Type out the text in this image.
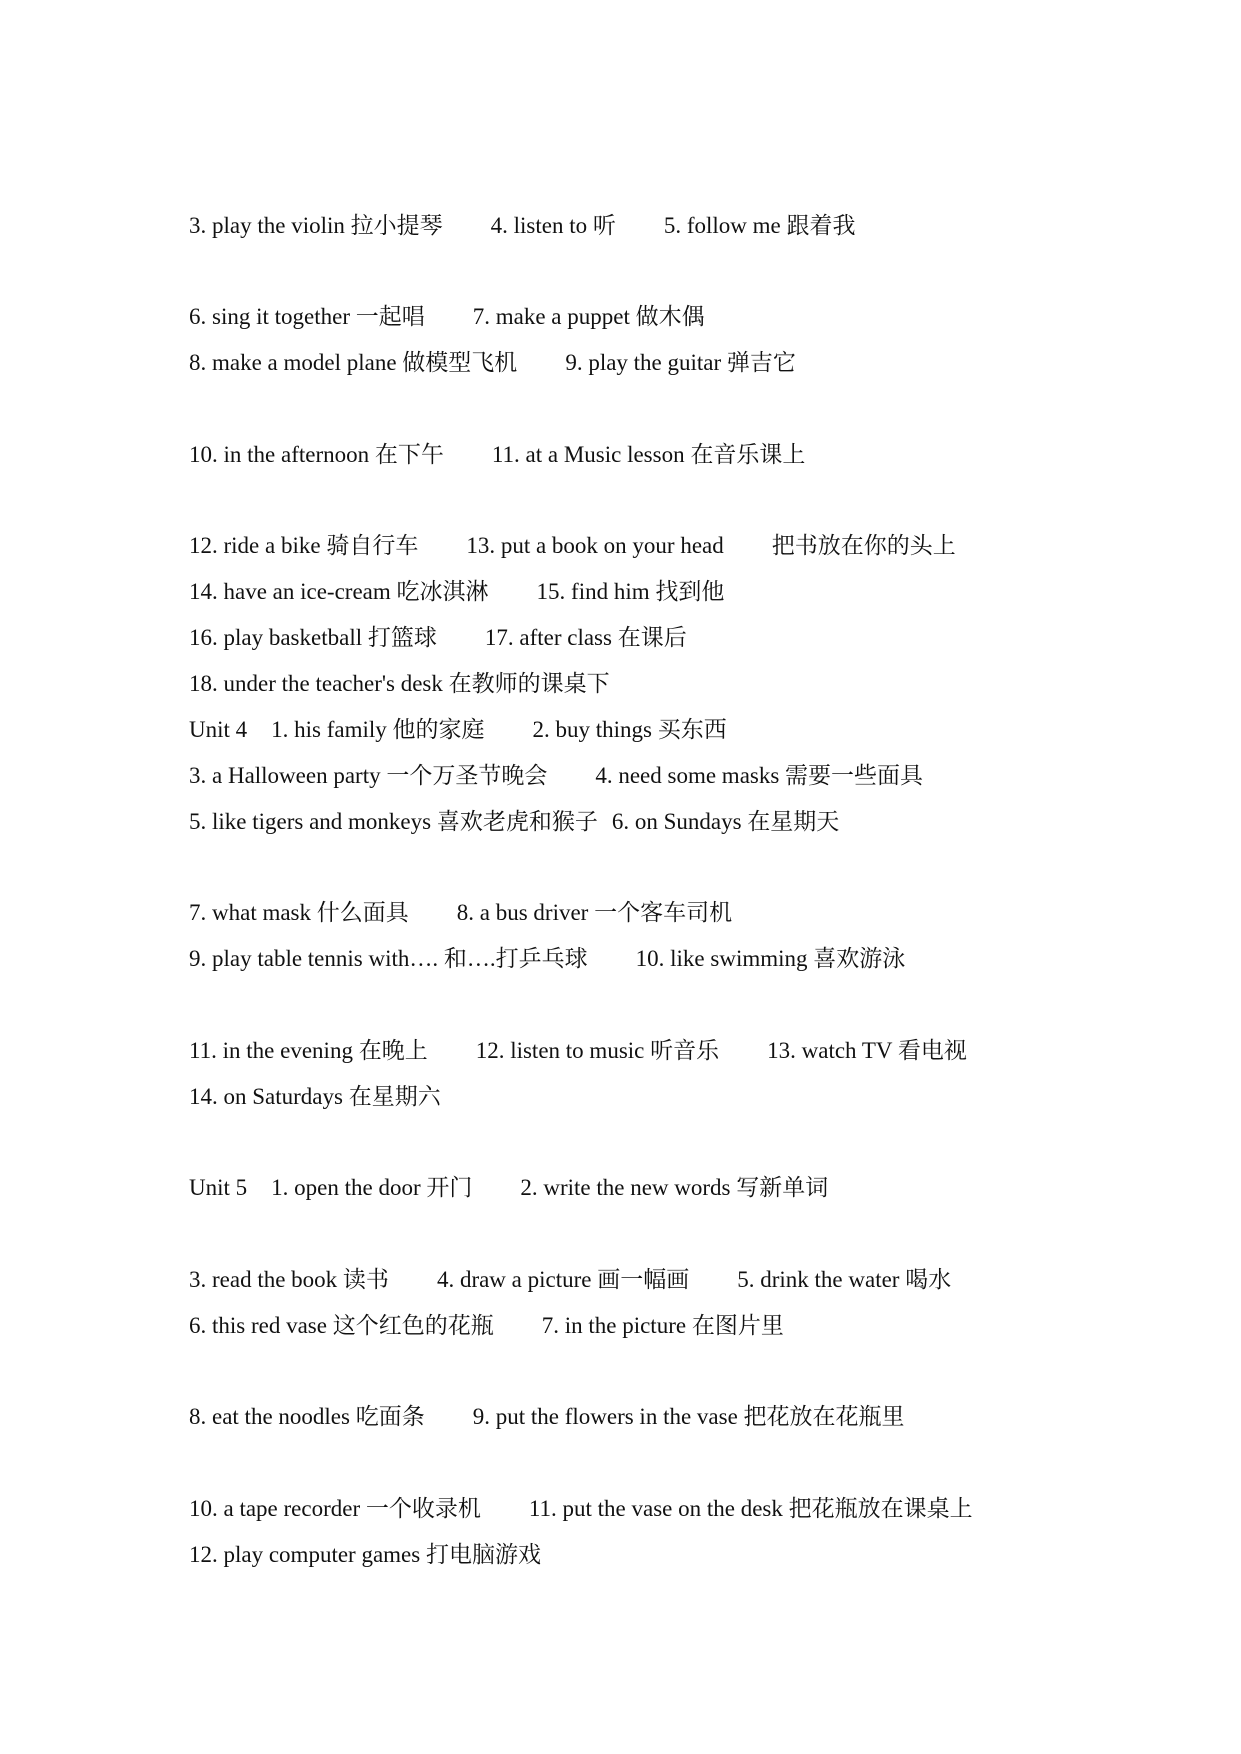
3. play the violin 拉小提琴 4. listen to 听 5. follow me 跟着我
6. sing it together 一起唱 7. make a puppet 做木偶
8. make a model plane 做模型飞机 9. play the guitar 弹吉它
10. in the afternoon 在下午 11. at a Music lesson 在音乐课上
12. ride a bike 骑自行车 13. put a book on your head 把书放在你的头上
14. have an ice-cream 吃冰淇淋 15. find him 找到他
16. play basketball 打篮球 17. after class 在课后
18. under the teacher's desk 在教师的课桌下
Unit 4 1. his family 他的家庭 2. buy things 买东西
3. a Halloween party 一个万圣节晚会 4. need some masks 需要一些面具
5. like tigers and monkeys 喜欢老虎和猴子 6. on Sundays 在星期天
7. what mask 什么面具 8. a bus driver 一个客车司机
9. play table tennis with…. 和….打乒乓球 10. like swimming 喜欢游泳
11. in the evening 在晚上 12. listen to music 听音乐 13. watch TV 看电视
14. on Saturdays 在星期六
Unit 5 1. open the door 开门 2. write the new words 写新单词
3. read the book 读书 4. draw a picture 画一幅画 5. drink the water 喝水
6. this red vase 这个红色的花瓶 7. in the picture 在图片里
8. eat the noodles 吃面条 9. put the flowers in the vase 把花放在花瓶里
10. a tape recorder 一个收录机 11. put the vase on the desk 把花瓶放在课桌上
12. play computer games 打电脑游戏
